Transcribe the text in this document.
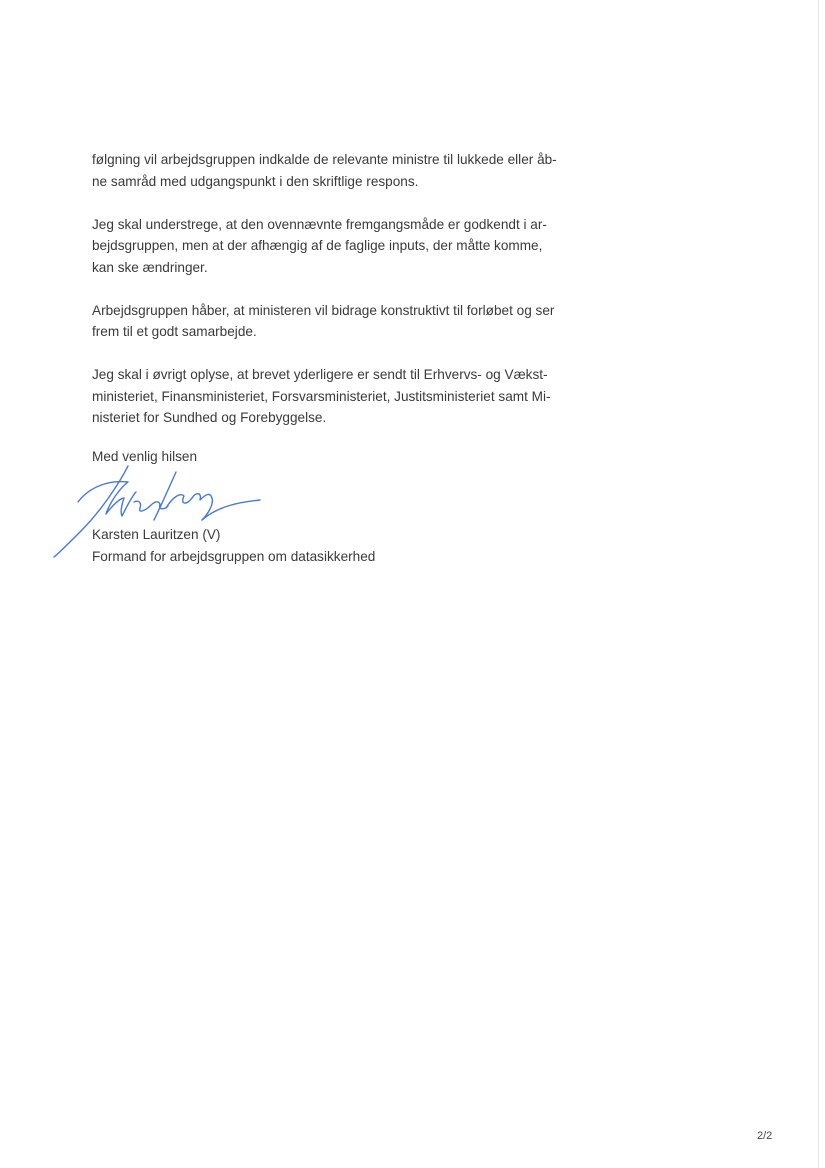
følgning vil arbejdsgruppen indkalde de relevante ministre til lukkede eller åb-
ne samråd med udgangspunkt i den skriftlige respons.

Jeg skal understrege, at den ovennævnte fremgangsmåde er godkendt i ar-
bejdsgruppen, men at der afhængig af de faglige inputs, der måtte komme,
kan ske ændringer.

Arbejdsgruppen håber, at ministeren vil bidrage konstruktivt til forløbet og ser
frem til et godt samarbejde.

Jeg skal i øvrigt oplyse, at brevet yderligere er sendt til Erhvervs- og Vækst-
ministeriet, Finansministeriet, Forsvarsministeriet, Justitsministeriet samt Mi-
nisteriet for Sundhed og Forebyggelse.

Med venlig hilsen
Karsten Lauritzen (V)
Formand for arbejdsgruppen om datasikkerhed
2/2
